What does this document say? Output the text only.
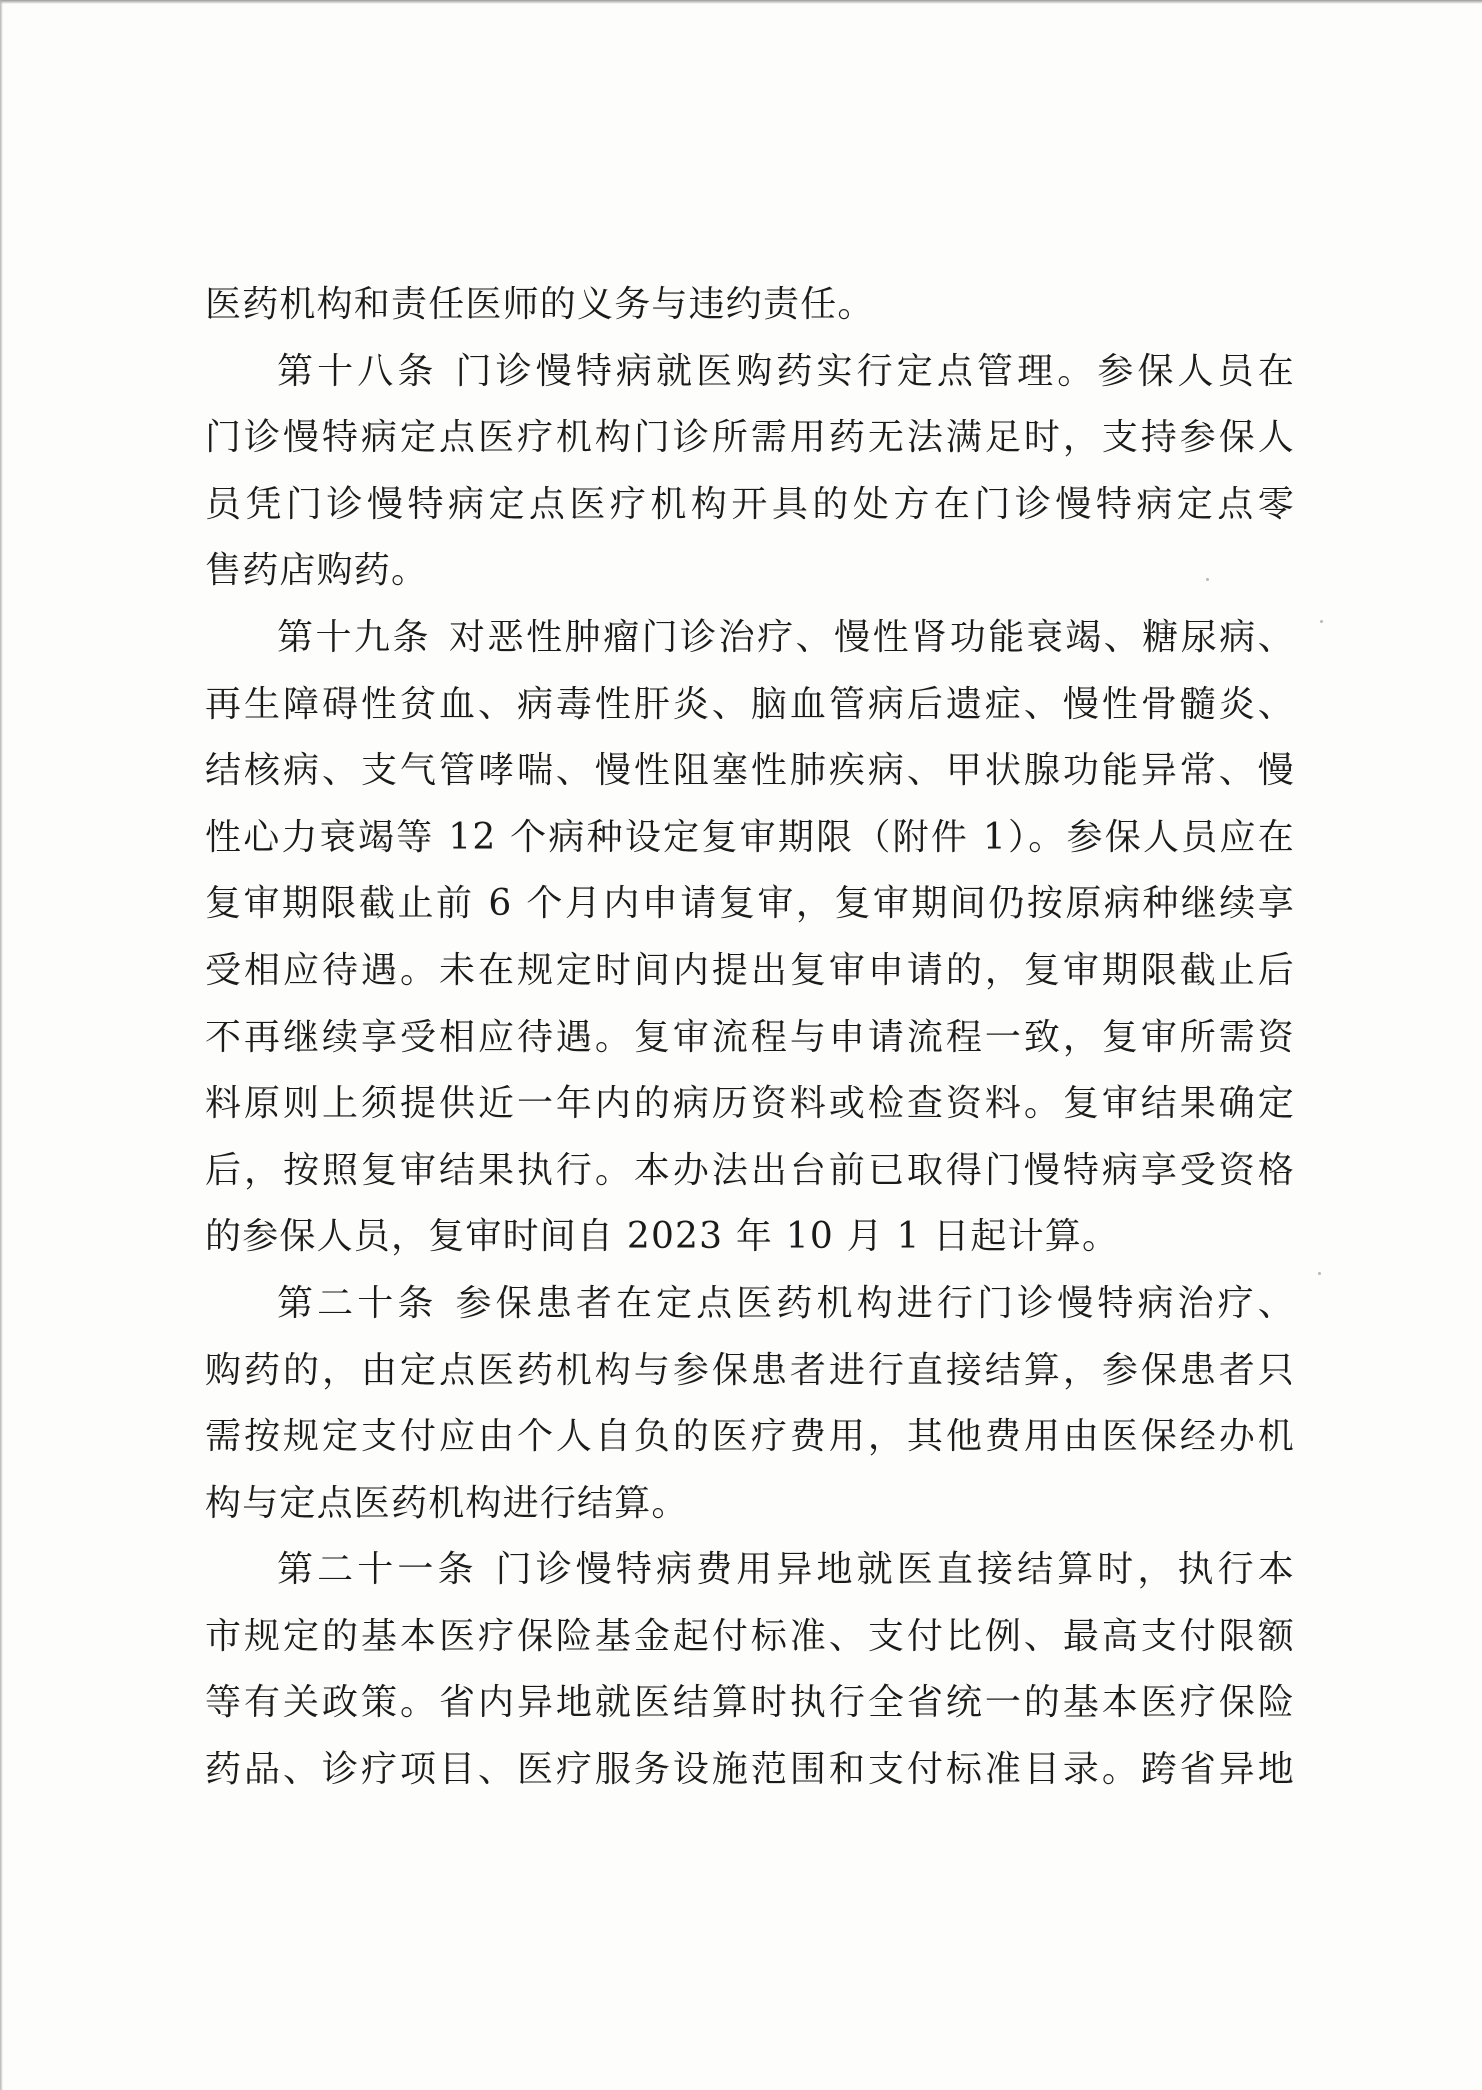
医药机构和责任医师的义务与违约责任。
第十八条 门诊慢特病就医购药实行定点管理。参保人员在
门诊慢特病定点医疗机构门诊所需用药无法满足时，支持参保人
员凭门诊慢特病定点医疗机构开具的处方在门诊慢特病定点零
售药店购药。
第十九条 对恶性肿瘤门诊治疗、慢性肾功能衰竭、糖尿病、
再生障碍性贫血、病毒性肝炎、脑血管病后遗症、慢性骨髓炎、
结核病、支气管哮喘、慢性阻塞性肺疾病、甲状腺功能异常、慢
性心力衰竭等 12 个病种设定复审期限（附件 1）。参保人员应在
复审期限截止前 6 个月内申请复审，复审期间仍按原病种继续享
受相应待遇。未在规定时间内提出复审申请的，复审期限截止后
不再继续享受相应待遇。复审流程与申请流程一致，复审所需资
料原则上须提供近一年内的病历资料或检查资料。复审结果确定
后，按照复审结果执行。本办法出台前已取得门慢特病享受资格
的参保人员，复审时间自 2023 年 10 月 1 日起计算。
第二十条 参保患者在定点医药机构进行门诊慢特病治疗、
购药的，由定点医药机构与参保患者进行直接结算，参保患者只
需按规定支付应由个人自负的医疗费用，其他费用由医保经办机
构与定点医药机构进行结算。
第二十一条 门诊慢特病费用异地就医直接结算时，执行本
市规定的基本医疗保险基金起付标准、支付比例、最高支付限额
等有关政策。省内异地就医结算时执行全省统一的基本医疗保险
药品、诊疗项目、医疗服务设施范围和支付标准目录。跨省异地
